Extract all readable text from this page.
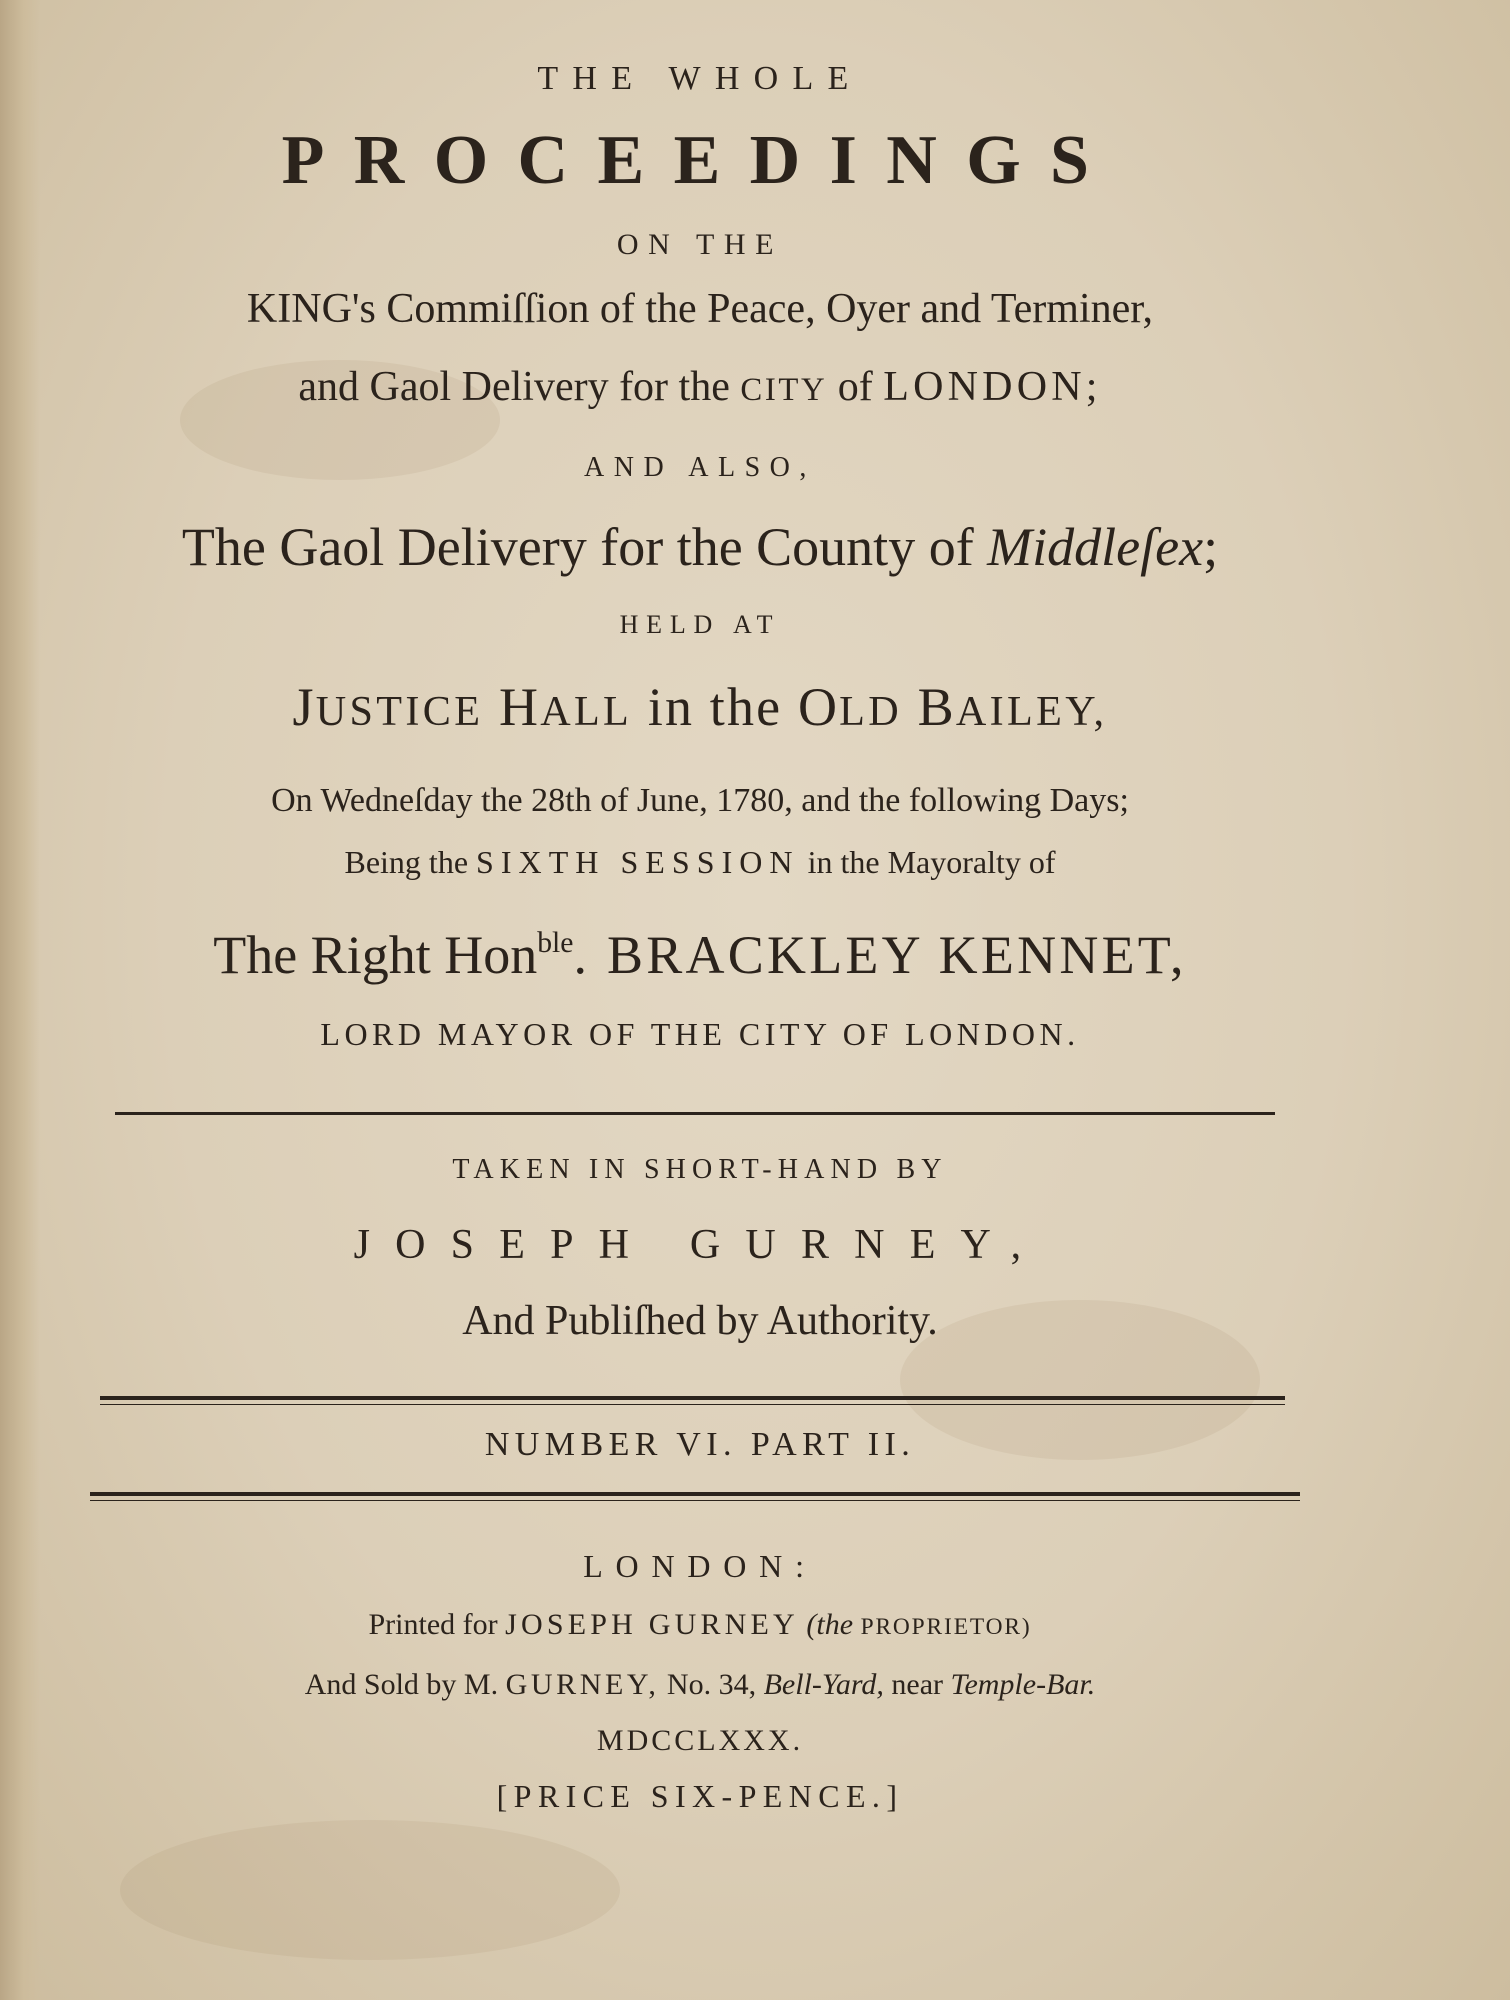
THE WHOLE
PROCEEDINGS
ON THE
KING's Commiſſion of the Peace, Oyer and Terminer,
and Gaol Delivery for the CITY of LONDON;
AND ALSO,
The Gaol Delivery for the County of Middleſex;
HELD AT
JUSTICE HALL in the OLD BAILEY,
On Wedneſday the 28th of June, 1780, and the following Days;
Being the SIXTH SESSION in the Mayoralty of
The Right Hon$^{ble}$. BRACKLEY KENNET,
LORD MAYOR OF THE CITY OF LONDON.
TAKEN IN SHORT-HAND BY
JOSEPH GURNEY,
And Publiſhed by Authority.
NUMBER VI. PART II.
LONDON:
Printed for JOSEPH GURNEY (the PROPRIETOR)
And Sold by M. GURNEY, No. 34, Bell-Yard, near Temple-Bar.
MDCCLXXX.
[PRICE SIX-PENCE.]
